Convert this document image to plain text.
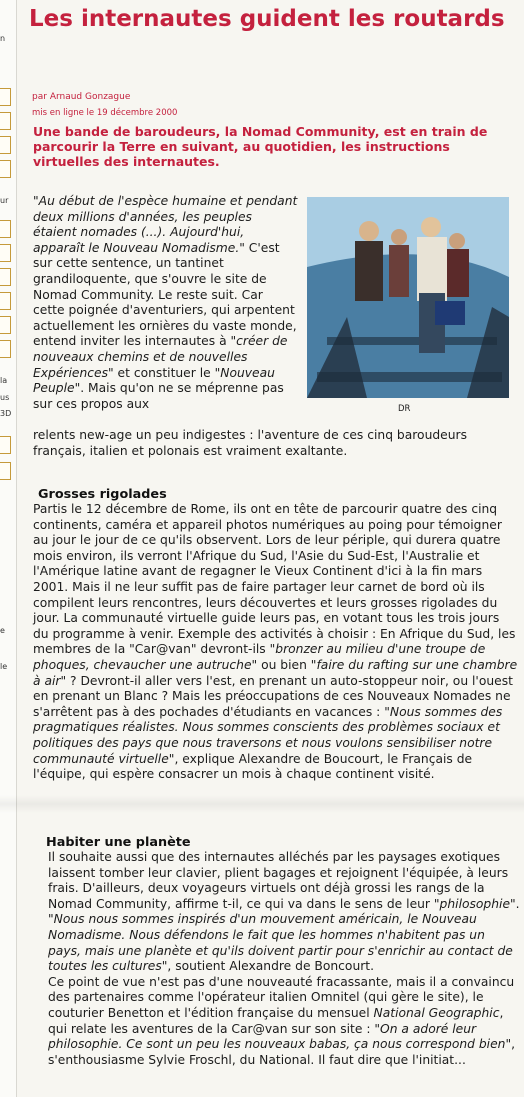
n
ur
la
us
3D
e
le
Les internautes guident les routards
par Arnaud Gonzague
mis en ligne le 19 décembre 2000
Une bande de baroudeurs, la Nomad Community, est en train de parcourir la Terre en suivant, au quotidien, les instructions virtuelles des internautes.
DR
"Au début de l'espèce humaine et pendant deux millions d'années, les peuples étaient nomades (...). Aujourd'hui, apparaît le Nouveau Nomadisme." C'est sur cette sentence, un tantinet grandiloquente, que s'ouvre le site de Nomad Community. Le reste suit. Car cette poignée d'aventuriers, qui arpentent actuellement les ornières du vaste monde, entend inviter les internautes à "créer de nouveaux chemins et de nouvelles Expériences" et constituer le "Nouveau Peuple". Mais qu'on ne se méprenne pas sur ces propos aux
relents new-age un peu indigestes : l'aventure de ces cinq baroudeurs français, italien et polonais est vraiment exaltante.
Grosses rigolades
Partis le 12 décembre de Rome, ils ont en tête de parcourir quatre des cinq continents, caméra et appareil photos numériques au poing pour témoigner au jour le jour de ce qu'ils observent. Lors de leur périple, qui durera quatre mois environ, ils verront l'Afrique du Sud, l'Asie du Sud-Est, l'Australie et l'Amérique latine avant de regagner le Vieux Continent d'ici à la fin mars 2001. Mais il ne leur suffit pas de faire partager leur carnet de bord où ils compilent leurs rencontres, leurs découvertes et leurs grosses rigolades du jour. La communauté virtuelle guide leurs pas, en votant tous les trois jours du programme à venir. Exemple des activités à choisir : En Afrique du Sud, les membres de la "Car@van" devront-ils "bronzer au milieu d'une troupe de phoques, chevaucher une autruche" ou bien "faire du rafting sur une chambre à air" ? Devront-il aller vers l'est, en prenant un auto-stoppeur noir, ou l'ouest en prenant un Blanc ? Mais les préoccupations de ces Nouveaux Nomades ne s'arrêtent pas à des pochades d'étudiants en vacances : "Nous sommes des pragmatiques réalistes. Nous sommes conscients des problèmes sociaux et politiques des pays que nous traversons et nous voulons sensibiliser notre communauté virtuelle", explique Alexandre de Boucourt, le Français de l'équipe, qui espère consacrer un mois à chaque continent visité.
Habiter une planète
Il souhaite aussi que des internautes alléchés par les paysages exotiques laissent tomber leur clavier, plient bagages et rejoignent l'équipée, à leurs frais. D'ailleurs, deux voyageurs virtuels ont déjà grossi les rangs de la Nomad Community, affirme t-il, ce qui va dans le sens de leur "philosophie". "Nous nous sommes inspirés d'un mouvement américain, le Nouveau Nomadisme. Nous défendons le fait que les hommes n'habitent pas un pays, mais une planète et qu'ils doivent partir pour s'enrichir au contact de toutes les cultures", soutient Alexandre de Boncourt.
Ce point de vue n'est pas d'une nouveauté fracassante, mais il a convaincu des partenaires comme l'opérateur italien Omnitel (qui gère le site), le couturier Benetton et l'édition française du mensuel National Geographic, qui relate les aventures de la Car@van sur son site : "On a adoré leur philosophie. Ce sont un peu les nouveaux babas, ça nous correspond bien", s'enthousiasme Sylvie Froschl, du National. Il faut dire que l'initiat...
